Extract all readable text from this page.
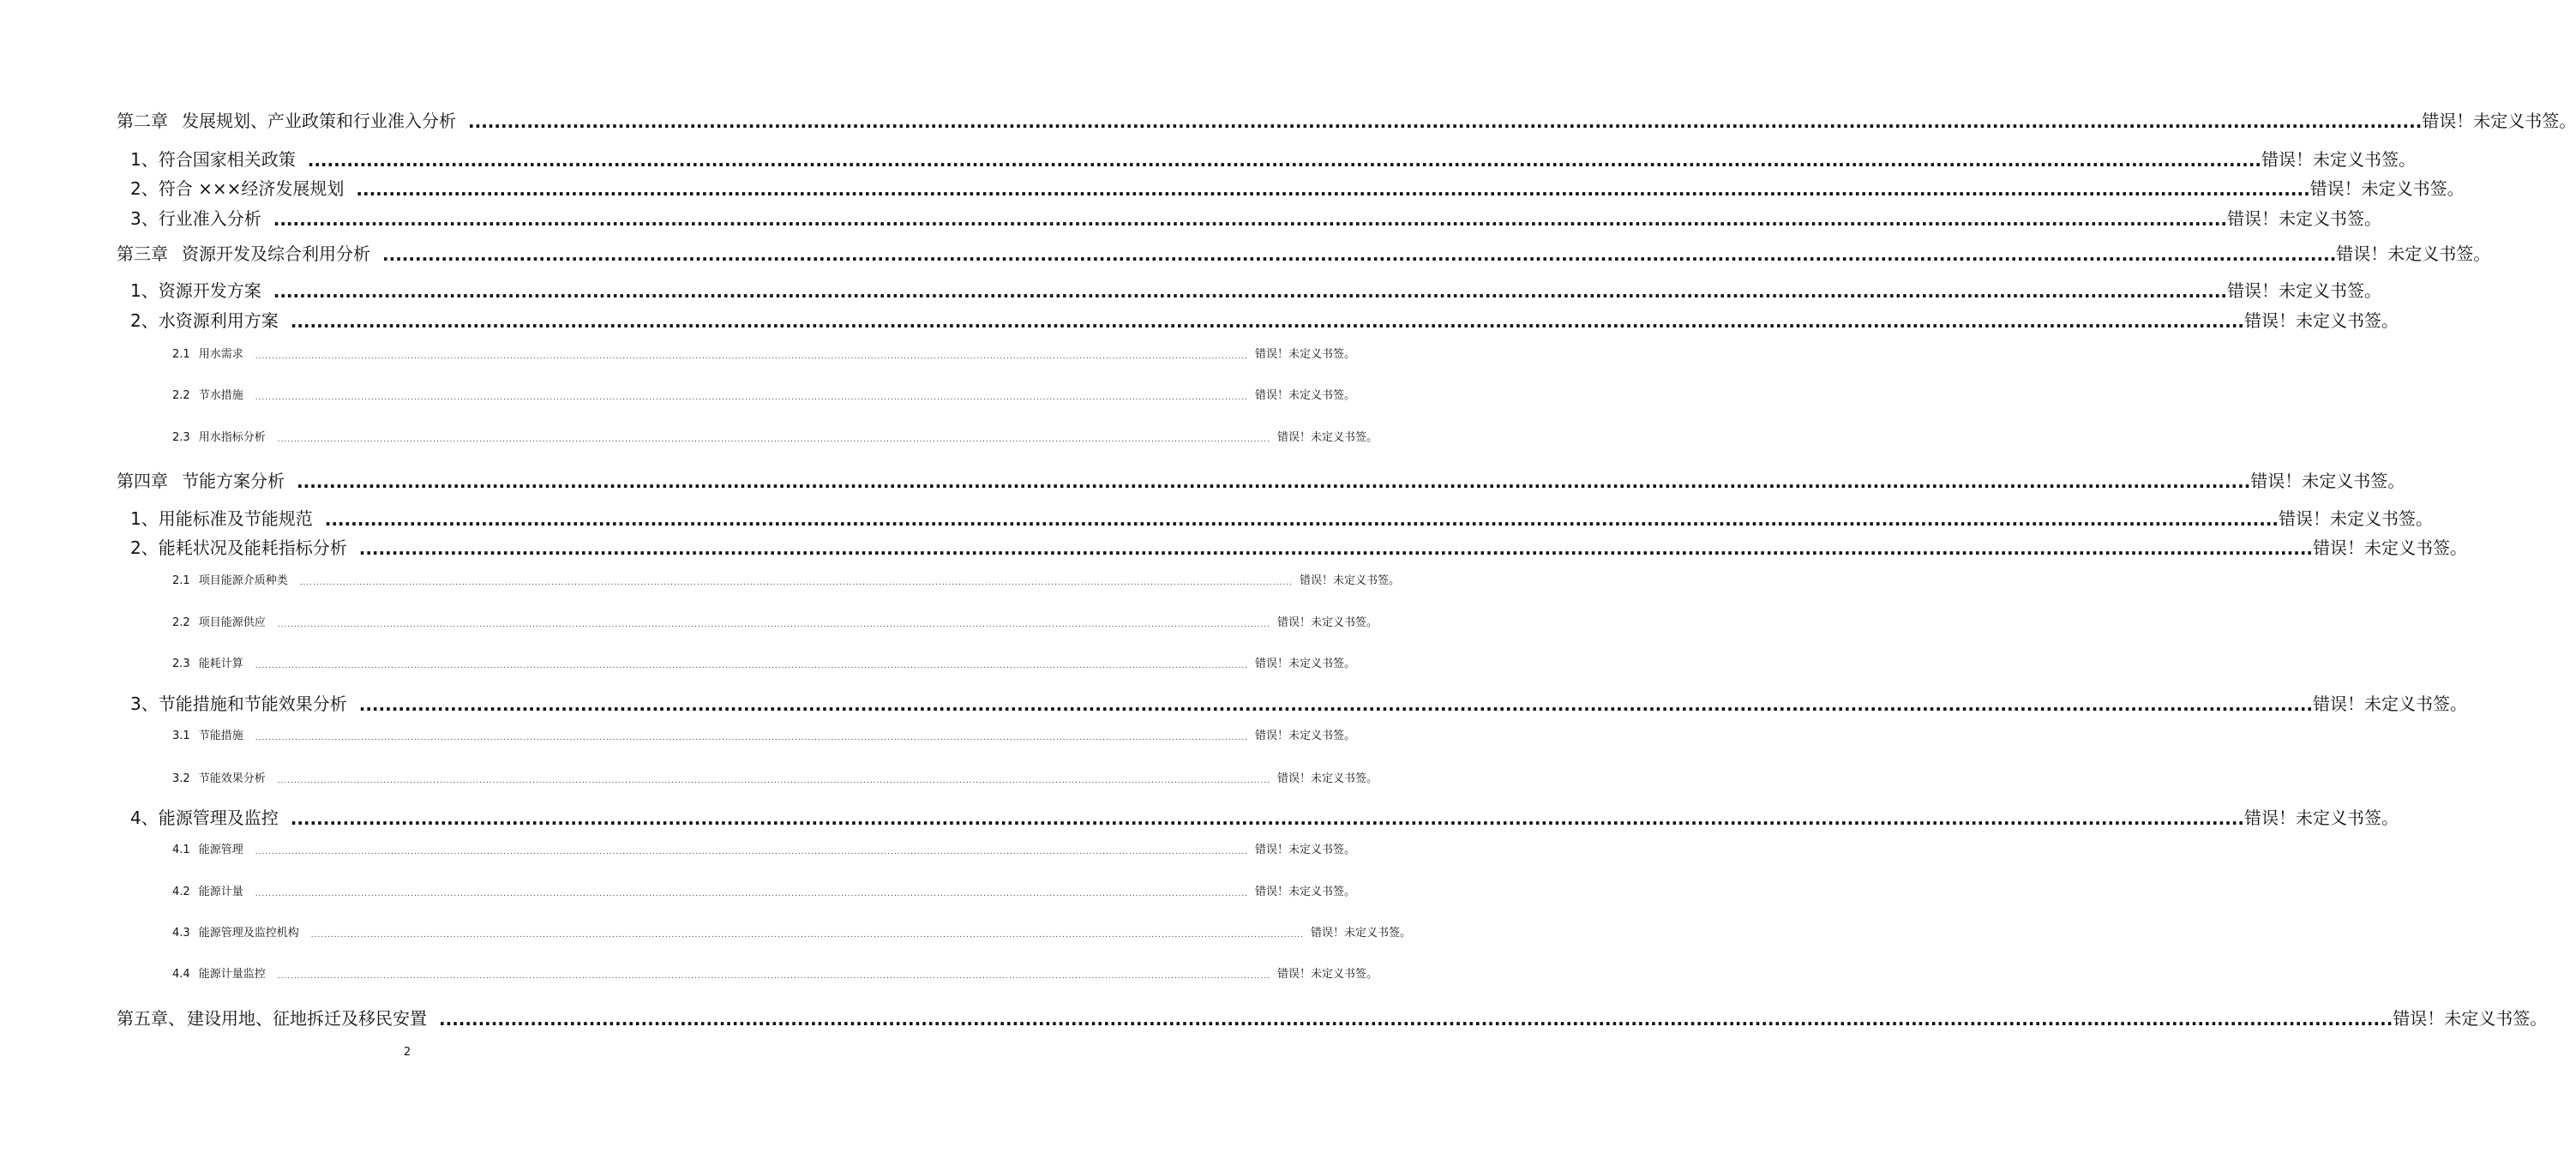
第二章 发展规划、产业政策和行业准入分析 ............................................................................................................................................................................................................................................................................................................ 错误！未定义书签。
1、 符合国家相关政策 ............................................................................................................................................................................................................................................................................................................ 错误！未定义书签。
2、 符合 ×××经济发展规划 ............................................................................................................................................................................................................................................................................................................ 错误！未定义书签。
3、 行业准入分析 ............................................................................................................................................................................................................................................................................................................ 错误！未定义书签。
第三章 资源开发及综合利用分析 ............................................................................................................................................................................................................................................................................................................ 错误！未定义书签。
1、 资源开发方案 ............................................................................................................................................................................................................................................................................................................ 错误！未定义书签。
2、 水资源利用方案 ............................................................................................................................................................................................................................................................................................................ 错误！未定义书签。
2.1 用水需求 ............................................................................................................................................................................................................................................................................................................ 错误！未定义书签。
2.2 节水措施 ............................................................................................................................................................................................................................................................................................................ 错误！未定义书签。
2.3 用水指标分析 ............................................................................................................................................................................................................................................................................................................ 错误！未定义书签。
第四章 节能方案分析 ............................................................................................................................................................................................................................................................................................................ 错误！未定义书签。
1、 用能标准及节能规范 ............................................................................................................................................................................................................................................................................................................ 错误！未定义书签。
2、 能耗状况及能耗指标分析 ............................................................................................................................................................................................................................................................................................................ 错误！未定义书签。
2.1 项目能源介质种类 ............................................................................................................................................................................................................................................................................................................ 错误！未定义书签。
2.2 项目能源供应 ............................................................................................................................................................................................................................................................................................................ 错误！未定义书签。
2.3 能耗计算 ............................................................................................................................................................................................................................................................................................................ 错误！未定义书签。
3、 节能措施和节能效果分析 ............................................................................................................................................................................................................................................................................................................ 错误！未定义书签。
3.1 节能措施 ............................................................................................................................................................................................................................................................................................................ 错误！未定义书签。
3.2 节能效果分析 ............................................................................................................................................................................................................................................................................................................ 错误！未定义书签。
4、 能源管理及监控 ............................................................................................................................................................................................................................................................................................................ 错误！未定义书签。
4.1 能源管理 ............................................................................................................................................................................................................................................................................................................ 错误！未定义书签。
4.2 能源计量 ............................................................................................................................................................................................................................................................................................................ 错误！未定义书签。
4.3 能源管理及监控机构 ............................................................................................................................................................................................................................................................................................................ 错误！未定义书签。
4.4 能源计量监控 ............................................................................................................................................................................................................................................................................................................ 错误！未定义书签。
第五章、 建设用地、征地拆迁及移民安置 ............................................................................................................................................................................................................................................................................................................ 错误！未定义书签。
2
